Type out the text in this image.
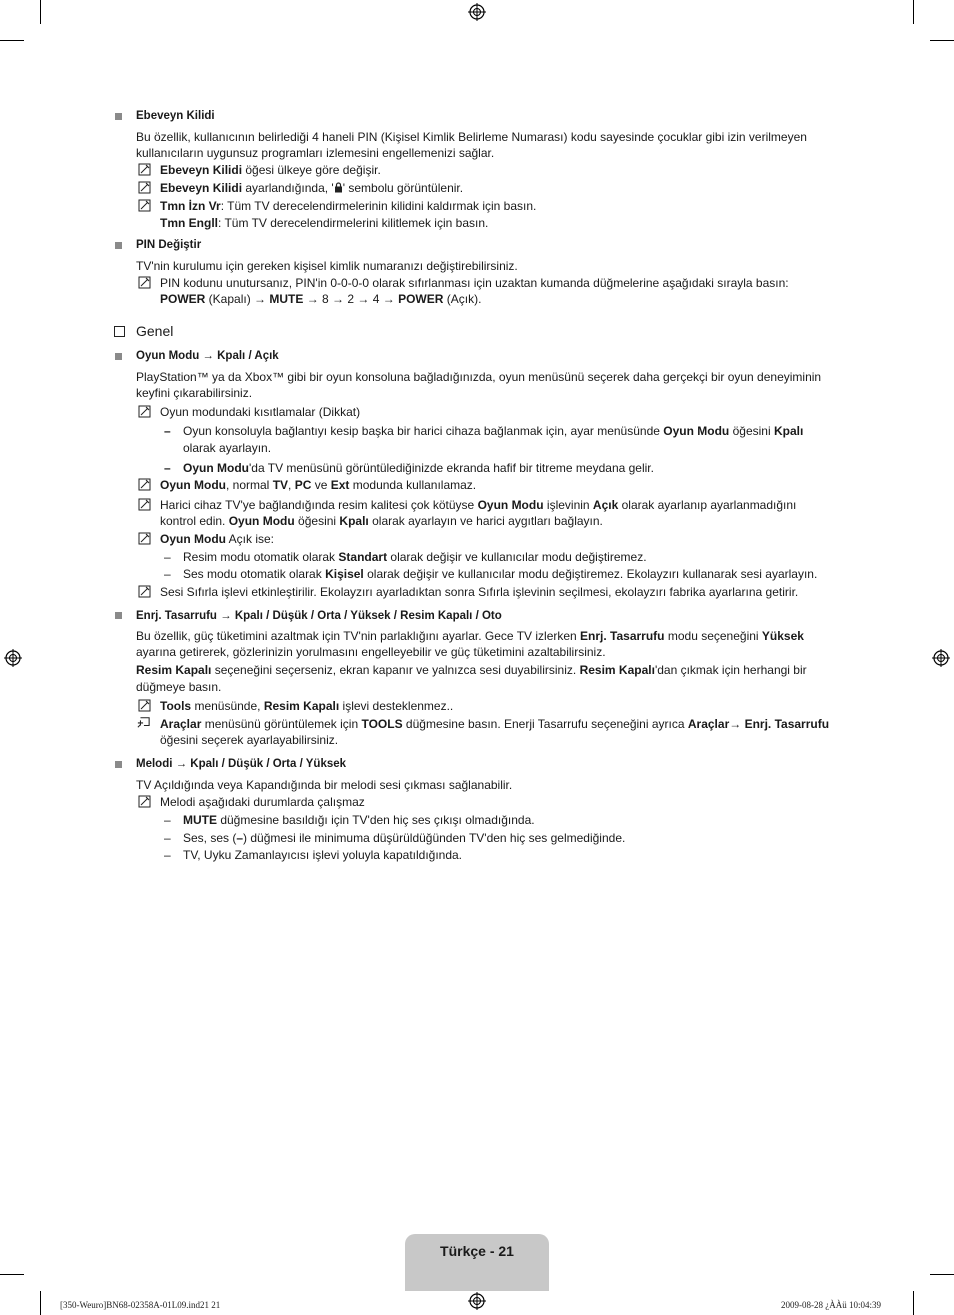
Ebeveyn Kilidi
Bu özellik, kullanıcının belirlediği 4 haneli PIN (Kişisel Kimlik Belirleme Numarası) kodu sayesinde çocuklar gibi izin verilmeyen
kullanıcıların uygunsuz programları izlemesini engellemenizi sağlar.
Ebeveyn Kilidi öğesi ülkeye göre değişir.
Ebeveyn Kilidi ayarlandığında, ' ' sembolu görüntülenir.
Tmn İzn Vr: Tüm TV derecelendirmelerinin kilidini kaldırmak için basın.
Tmn Engll: Tüm TV derecelendirmelerini kilitlemek için basın.
PIN Değiştir
TV'nin kurulumu için gereken kişisel kimlik numaranızı değiştirebilirsiniz.
PIN kodunu unutursanız, PIN'in 0-0-0-0 olarak sıfırlanması için uzaktan kumanda düğmelerine aşağıdaki sırayla basın:
POWER (Kapalı) → MUTE → 8 → 2 → 4 → POWER (Açık).
Genel
Oyun Modu → Kpalı / Açık
PlayStation™ ya da Xbox™ gibi bir oyun konsoluna bağladığınızda, oyun menüsünü seçerek daha gerçekçi bir oyun deneyiminin
keyfini çıkarabilirsiniz.
Oyun modundaki kısıtlamalar (Dikkat)
– Oyun konsoluyla bağlantıyı kesip başka bir harici cihaza bağlanmak için, ayar menüsünde Oyun Modu öğesini Kpalı
olarak ayarlayın.
– Oyun Modu'da TV menüsünü görüntülediğinizde ekranda hafif bir titreme meydana gelir.
Oyun Modu, normal TV, PC ve Ext modunda kullanılamaz.
Harici cihaz TV'ye bağlandığında resim kalitesi çok kötüyse Oyun Modu işlevinin Açık olarak ayarlanıp ayarlanmadığını
kontrol edin. Oyun Modu öğesini Kpalı olarak ayarlayın ve harici aygıtları bağlayın.
Oyun Modu Açık ise:
– Resim modu otomatik olarak Standart olarak değişir ve kullanıcılar modu değiştiremez.
– Ses modu otomatik olarak Kişisel olarak değişir ve kullanıcılar modu değiştiremez. Ekolayzırı kullanarak sesi ayarlayın.
Sesi Sıfırla işlevi etkinleştirilir. Ekolayzırı ayarladıktan sonra Sıfırla işlevinin seçilmesi, ekolayzırı fabrika ayarlarına getirir.
Enrj. Tasarrufu → Kpalı / Düşük / Orta / Yüksek / Resim Kapalı / Oto
Bu özellik, güç tüketimini azaltmak için TV'nin parlaklığını ayarlar. Gece TV izlerken Enrj. Tasarrufu modu seçeneğini Yüksek
ayarına getirerek, gözlerinizin yorulmasını engelleyebilir ve güç tüketimini azaltabilirsiniz.
Resim Kapalı seçeneğini seçerseniz, ekran kapanır ve yalnızca sesi duyabilirsiniz. Resim Kapalı'dan çıkmak için herhangi bir
düğmeye basın.
Tools menüsünde, Resim Kapalı işlevi desteklenmez..
Araçlar menüsünü görüntülemek için TOOLS düğmesine basın. Enerji Tasarrufu seçeneğini ayrıca Araçlar→ Enrj. Tasarrufu
öğesini seçerek ayarlayabilirsiniz.
Melodi → Kpalı / Düşük / Orta / Yüksek
TV Açıldığında veya Kapandığında bir melodi sesi çıkması sağlanabilir.
Melodi aşağıdaki durumlarda çalışmaz
– MUTE düğmesine basıldığı için TV'den hiç ses çıkışı olmadığında.
– Ses, ses (–) düğmesi ile minimuma düşürüldüğünden TV'den hiç ses gelmediğinde.
– TV, Uyku Zamanlayıcısı işlevi yoluyla kapatıldığında.
Türkçe - 21
[350-Weuro]BN68-02358A-01L09.ind21 21	2009-08-28 ¿ÀÀü 10:04:39
